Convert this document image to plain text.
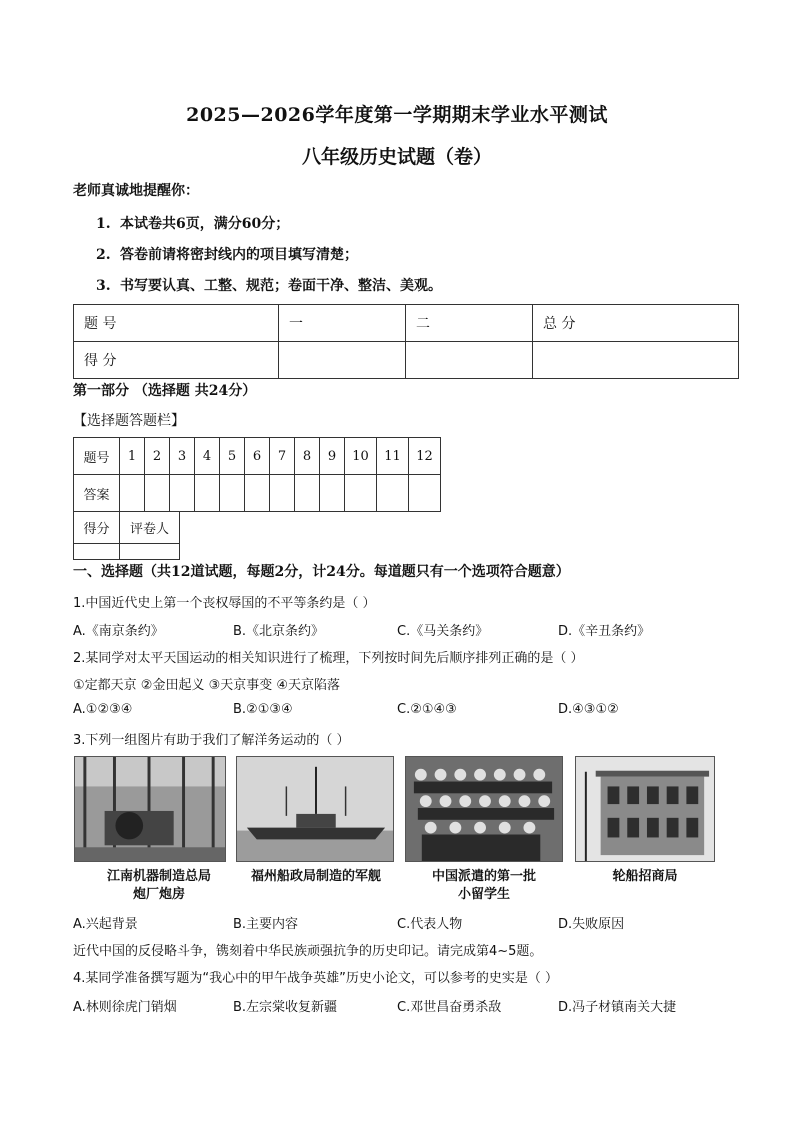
2025—2026学年度第一学期期末学业水平测试
八年级历史试题（卷）
老师真诚地提醒你：
1. 本试卷共6页，满分60分；
2. 答卷前请将密封线内的项目填写清楚；
3. 书写要认真、工整、规范；卷面干净、整洁、美观。
题 号	一	二	总 分
得 分			
第一部分 （选择题 共24分）
【选择题答题栏】
题号	1	2	3	4	5	6	7	8	9	10	11	12
答案												
得分	评卷人

一、选择题（共12道试题，每题2分，计24分。每道题只有一个选项符合题意）
1.中国近代史上第一个丧权辱国的不平等条约是（ ）
A.《南京条约》	B.《北京条约》	C.《马关条约》	D.《辛丑条约》
2.某同学对太平天国运动的相关知识进行了梳理，下列按时间先后顺序排列正确的是（ ）
①定都天京 ②金田起义 ③天京事变 ④天京陷落
A.①②③④	B.②①③④	C.②①④③	D.④③①②
3.下列一组图片有助于我们了解洋务运动的（ ）
江南机器制造总局
炮厂炮房
福州船政局制造的军舰	中国派遣的第一批
小留学生
轮船招商局
A.兴起背景	B.主要内容	C.代表人物	D.失败原因
近代中国的反侵略斗争，镌刻着中华民族顽强抗争的历史印记。请完成第4~5题。
4.某同学准备撰写题为“我心中的甲午战争英雄”历史小论文，可以参考的史实是（ ）
A.林则徐虎门销烟	B.左宗棠收复新疆	C.邓世昌奋勇杀敌	D.冯子材镇南关大捷
